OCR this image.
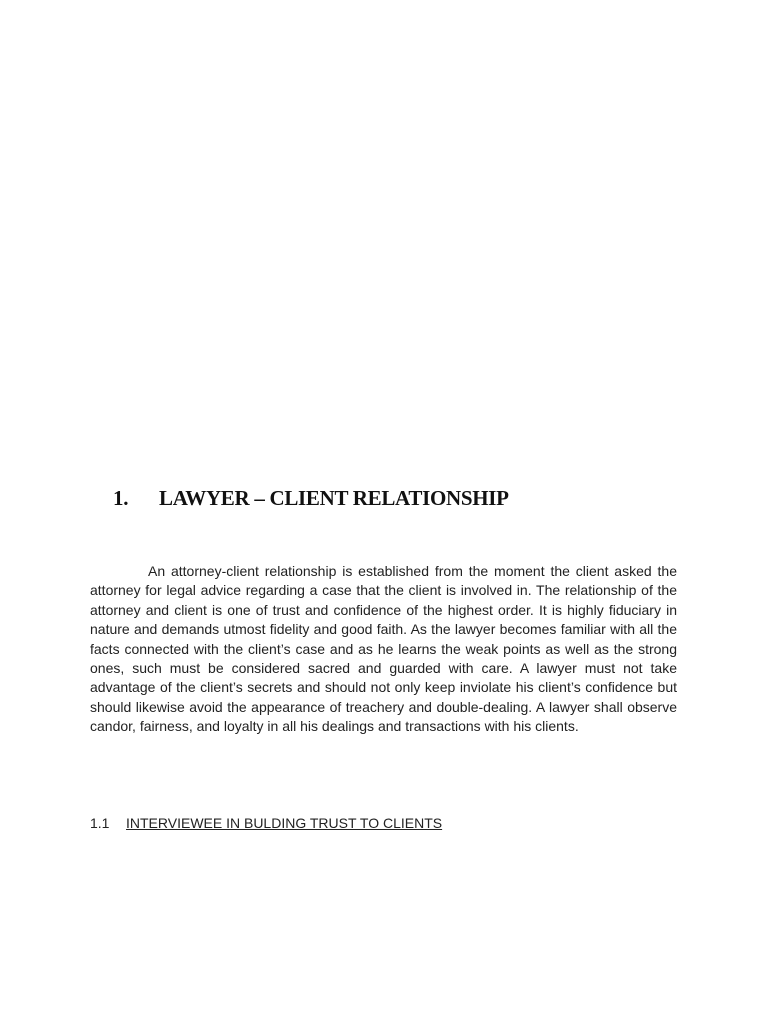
1. LAWYER – CLIENT RELATIONSHIP

An attorney-client relationship is established from the moment the client asked the attorney for legal advice regarding a case that the client is involved in. The relationship of the attorney and client is one of trust and confidence of the highest order. It is highly fiduciary in nature and demands utmost fidelity and good faith. As the lawyer becomes familiar with all the facts connected with the client’s case and as he learns the weak points as well as the strong ones, such must be considered sacred and guarded with care. A lawyer must not take advantage of the client’s secrets and should not only keep inviolate his client’s confidence but should likewise avoid the appearance of treachery and double-dealing. A lawyer shall observe candor, fairness, and loyalty in all his dealings and transactions with his clients.

1.1 INTERVIEWEE IN BULDING TRUST TO CLIENTS
